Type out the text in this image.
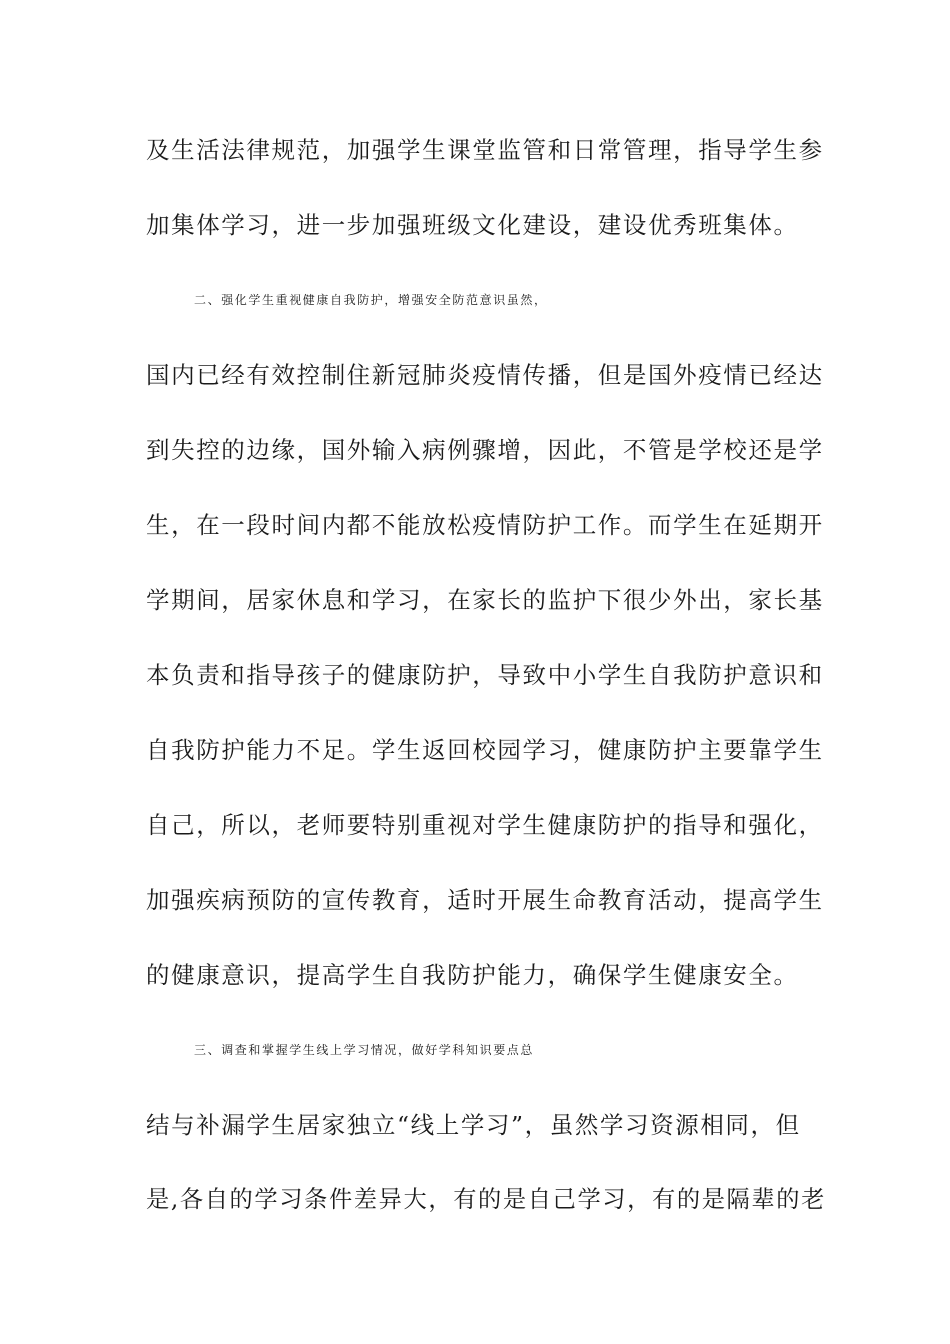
及生活法律规范，加强学生课堂监管和日常管理，指导学生参
加集体学习，进一步加强班级文化建设，建设优秀班集体。
二、强化学生重视健康自我防护，增强安全防范意识虽然，
国内已经有效控制住新冠肺炎疫情传播，但是国外疫情已经达
到失控的边缘，国外输入病例骤增，因此，不管是学校还是学
生，在一段时间内都不能放松疫情防护工作。而学生在延期开
学期间，居家休息和学习，在家长的监护下很少外出，家长基
本负责和指导孩子的健康防护，导致中小学生自我防护意识和
自我防护能力不足。学生返回校园学习，健康防护主要靠学生
自己，所以，老师要特别重视对学生健康防护的指导和强化，
加强疾病预防的宣传教育，适时开展生命教育活动，提高学生
的健康意识，提高学生自我防护能力，确保学生健康安全。
三、调查和掌握学生线上学习情况，做好学科知识要点总
结与补漏学生居家独立“线上学习”，虽然学习资源相同，但
是,各自的学习条件差异大，有的是自己学习，有的是隔辈的老
